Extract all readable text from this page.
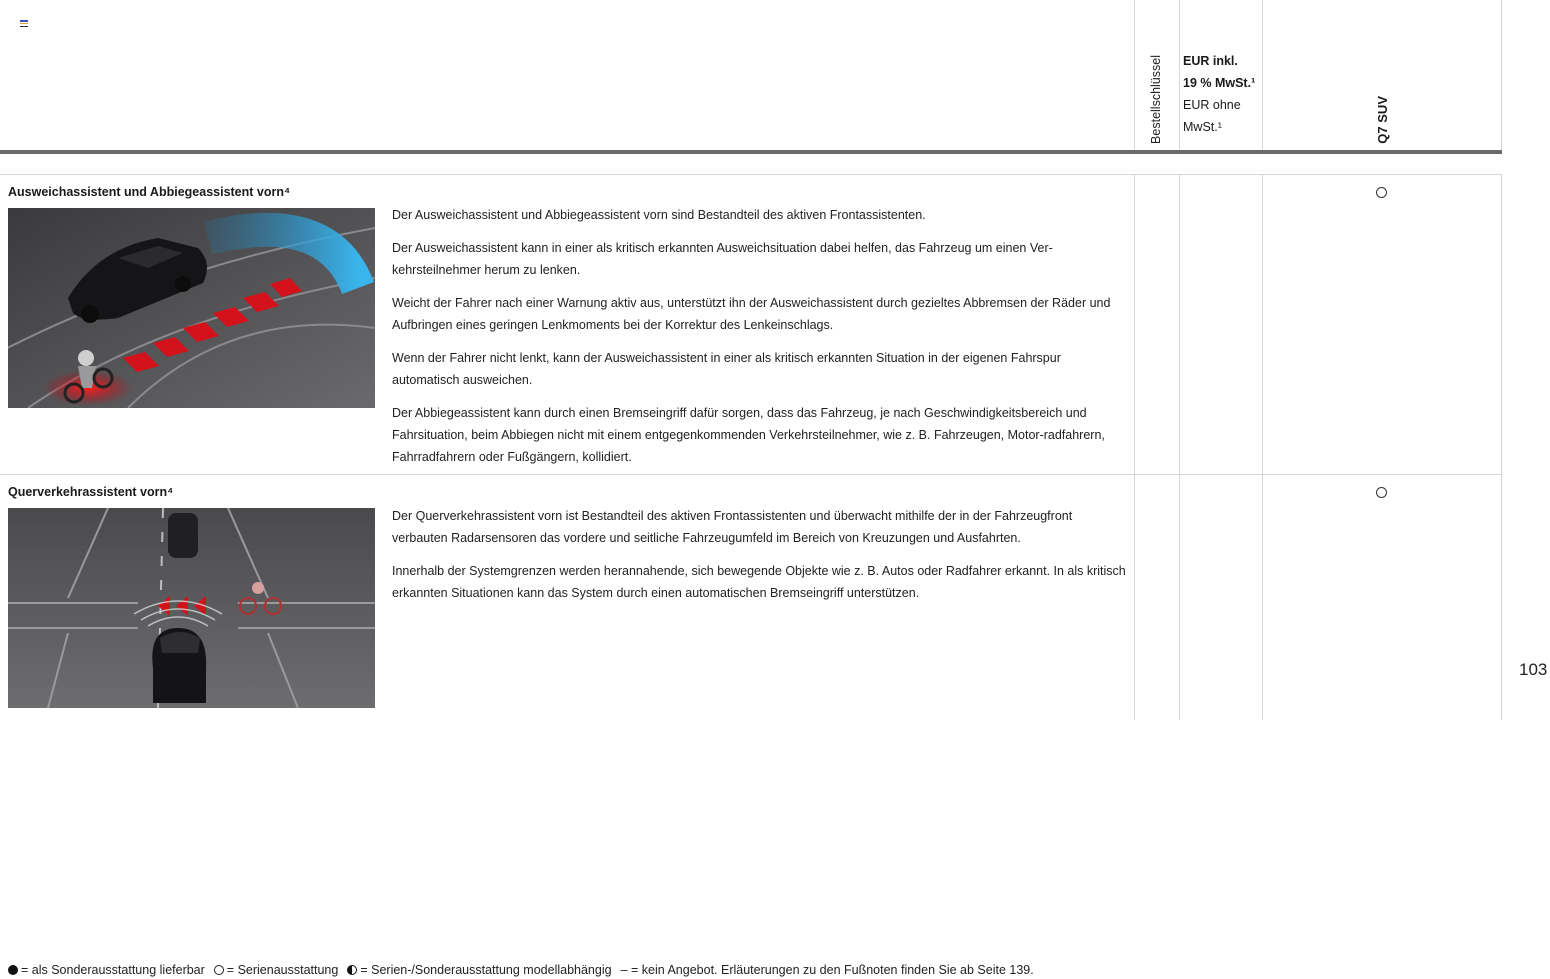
Bestellschlüssel EUR inkl.
19 % MwSt.¹
EUR ohne
MwSt.¹	Q7 SUV
Ausweichassistent und Abbiegeassistent vorn⁴

Der Ausweichassistent und Abbiegeassistent vorn sind Bestandteil des aktiven Frontassistenten.

Der Ausweichassistent kann in einer als kritisch erkannten Ausweichsituation dabei helfen, das Fahrzeug um einen Ver-kehrsteilnehmer herum zu lenken.

Weicht der Fahrer nach einer Warnung aktiv aus, unterstützt ihn der Ausweichassistent durch gezieltes Abbremsen der Räder und Aufbringen eines geringen Lenkmoments bei der Korrektur des Lenkeinschlags.

Wenn der Fahrer nicht lenkt, kann der Ausweichassistent in einer als kritisch erkannten Situation in der eigenen Fahrspur automatisch ausweichen.

Der Abbiegeassistent kann durch einen Bremseingriff dafür sorgen, dass das Fahrzeug, je nach Geschwindigkeitsbereich und Fahrsituation, beim Abbiegen nicht mit einem entgegenkommenden Verkehrsteilnehmer, wie z. B. Fahrzeugen, Motor-radfahrern, Fahrradfahrern oder Fußgängern, kollidiert.

Querverkehrassistent vorn⁴

Der Querverkehrassistent vorn ist Bestandteil des aktiven Frontassistenten und überwacht mithilfe der in der Fahrzeugfront verbauten Radarsensoren das vordere und seitliche Fahrzeugumfeld im Bereich von Kreuzungen und Ausfahrten.

Innerhalb der Systemgrenzen werden herannahende, sich bewegende Objekte wie z. B. Autos oder Radfahrer erkannt. In als kritisch erkannten Situationen kann das System durch einen automatischen Bremseingriff unterstützen.

103
= als Sonderausstattung lieferbar = Serienausstattung = Serien-/Sonderausstattung modellabhängig – = kein Angebot. Erläuterungen zu den Fußnoten finden Sie ab Seite 139.
